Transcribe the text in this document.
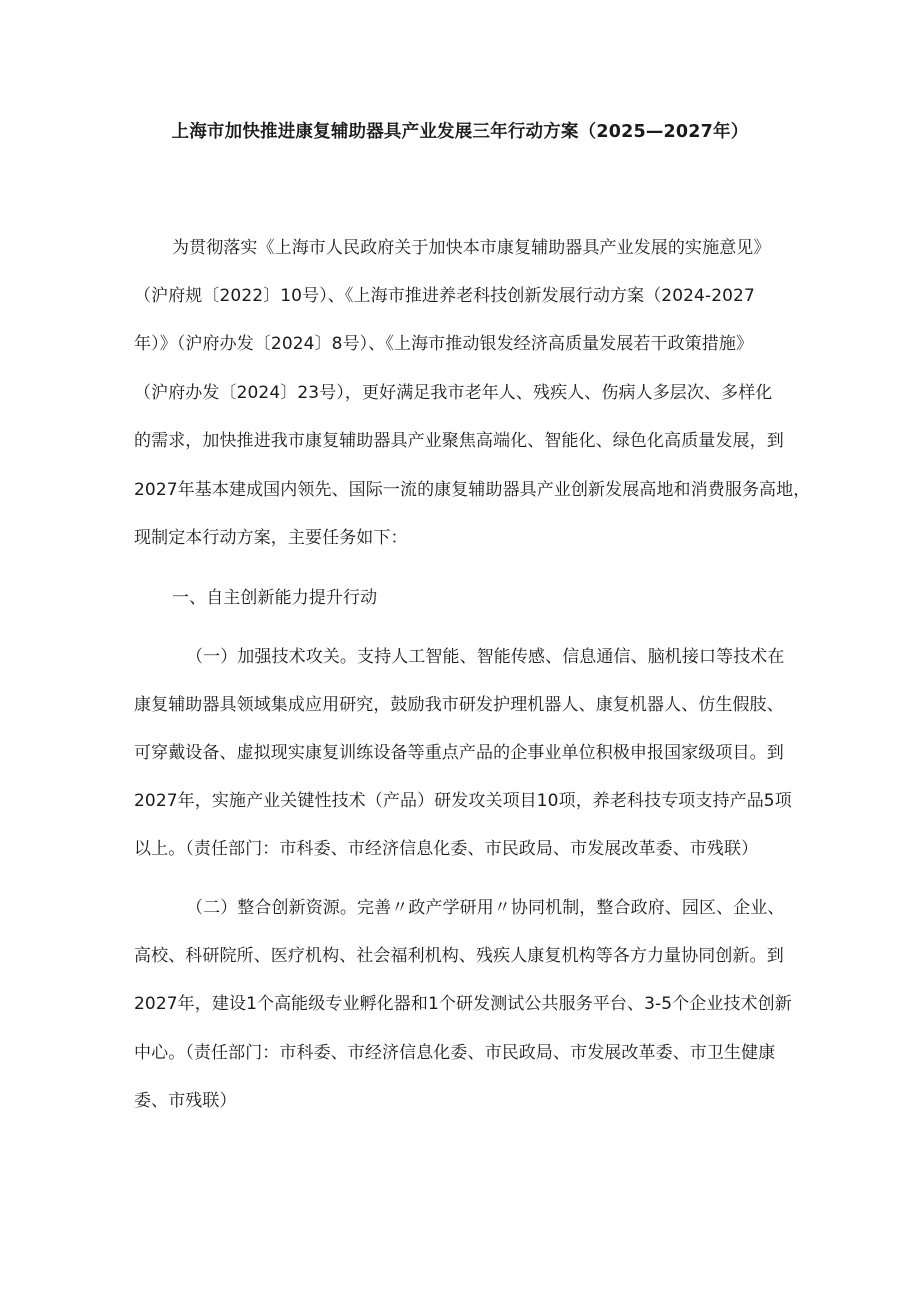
上海市加快推进康复辅助器具产业发展三年行动方案（2025—2027年）

为贯彻落实《上海市人民政府关于加快本市康复辅助器具产业发展的实施意见》

（沪府规〔2022〕10号）、《上海市推进养老科技创新发展行动方案（2024-2027

年）》（沪府办发〔2024〕8号）、《上海市推动银发经济高质量发展若干政策措施》

（沪府办发〔2024〕23号），更好满足我市老年人、残疾人、伤病人多层次、多样化

的需求，加快推进我市康复辅助器具产业聚焦高端化、智能化、绿色化高质量发展，到

2027年基本建成国内领先、国际一流的康复辅助器具产业创新发展高地和消费服务高地，

现制定本行动方案，主要任务如下：

一、自主创新能力提升行动

（一）加强技术攻关。支持人工智能、智能传感、信息通信、脑机接口等技术在

康复辅助器具领域集成应用研究，鼓励我市研发护理机器人、康复机器人、仿生假肢、

可穿戴设备、虚拟现实康复训练设备等重点产品的企事业单位积极申报国家级项目。到

2027年，实施产业关键性技术（产品）研发攻关项目10项，养老科技专项支持产品5项

以上。（责任部门：市科委、市经济信息化委、市民政局、市发展改革委、市残联）

（二）整合创新资源。完善〃政产学研用〃协同机制，整合政府、园区、企业、

高校、科研院所、医疗机构、社会福利机构、残疾人康复机构等各方力量协同创新。到

2027年，建设1个高能级专业孵化器和1个研发测试公共服务平台、3-5个企业技术创新

中心。（责任部门：市科委、市经济信息化委、市民政局、市发展改革委、市卫生健康

委、市残联）
